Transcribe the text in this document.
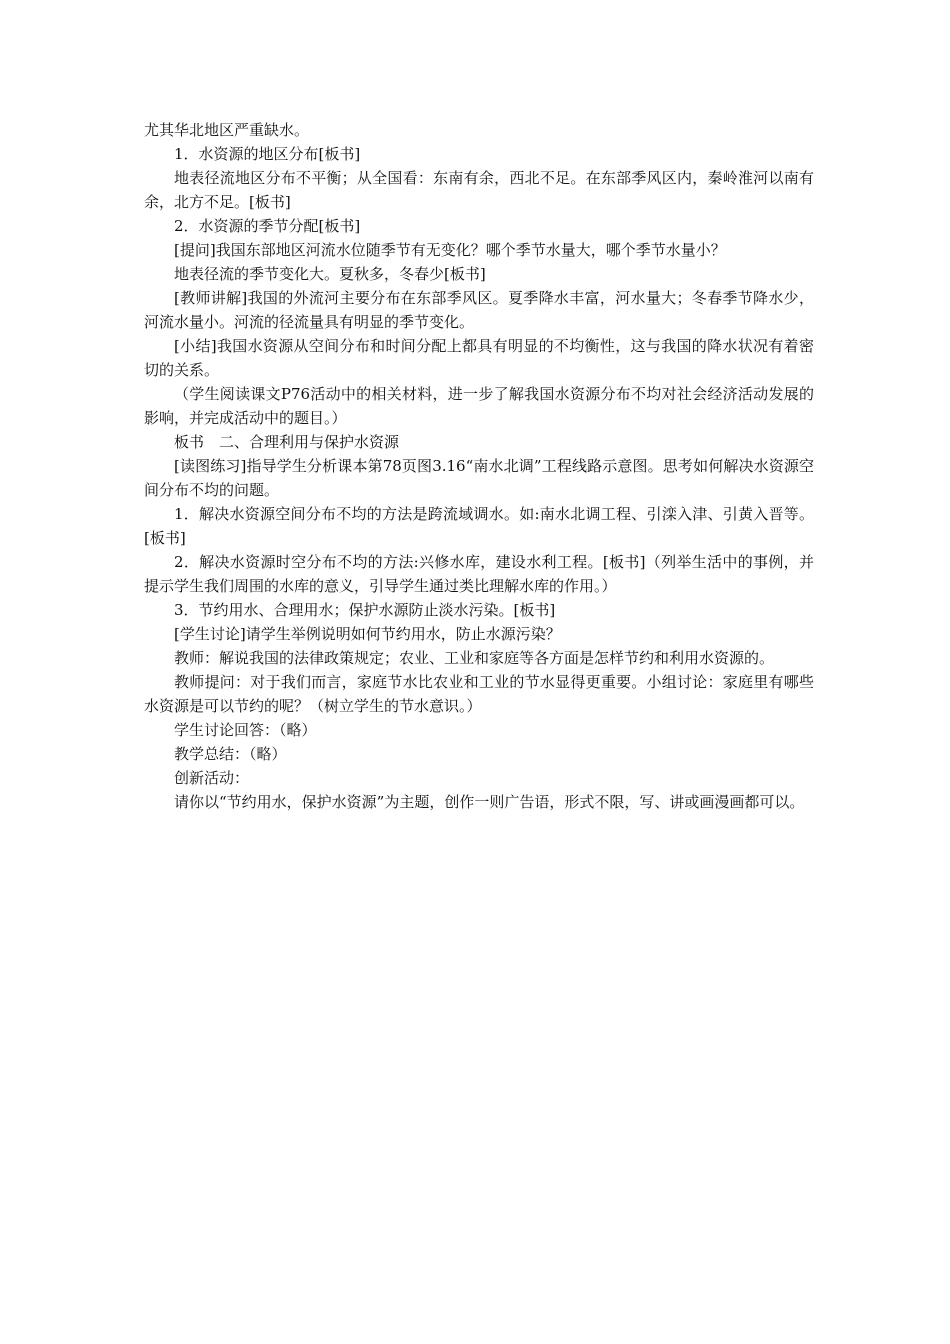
尤其华北地区严重缺水。

1．水资源的地区分布[板书]

地表径流地区分布不平衡；从全国看：东南有余，西北不足。在东部季风区内，秦岭淮河以南有余，北方不足。[板书]

2．水资源的季节分配[板书]

[提问]我国东部地区河流水位随季节有无变化？哪个季节水量大，哪个季节水量小？

地表径流的季节变化大。夏秋多，冬春少[板书]

[教师讲解]我国的外流河主要分布在东部季风区。夏季降水丰富，河水量大；冬春季节降水少，河流水量小。河流的径流量具有明显的季节变化。

[小结]我国水资源从空间分布和时间分配上都具有明显的不均衡性，这与我国的降水状况有着密切的关系。

（学生阅读课文P76活动中的相关材料，进一步了解我国水资源分布不均对社会经济活动发展的影响，并完成活动中的题目。）

板书　二、合理利用与保护水资源

[读图练习]指导学生分析课本第78页图3.16“南水北调”工程线路示意图。思考如何解决水资源空间分布不均的问题。

1．解决水资源空间分布不均的方法是跨流域调水。如:南水北调工程、引滦入津、引黄入晋等。[板书]

2．解决水资源时空分布不均的方法:兴修水库，建设水利工程。[板书]（列举生活中的事例，并提示学生我们周围的水库的意义，引导学生通过类比理解水库的作用。）

3．节约用水、合理用水；保护水源防止淡水污染。[板书]

[学生讨论]请学生举例说明如何节约用水，防止水源污染？

教师：解说我国的法律政策规定；农业、工业和家庭等各方面是怎样节约和利用水资源的。

教师提问：对于我们而言，家庭节水比农业和工业的节水显得更重要。小组讨论：家庭里有哪些水资源是可以节约的呢？（树立学生的节水意识。）

学生讨论回答：（略）

教学总结：（略）

创新活动：

请你以“节约用水，保护水资源”为主题，创作一则广告语，形式不限，写、讲或画漫画都可以。
